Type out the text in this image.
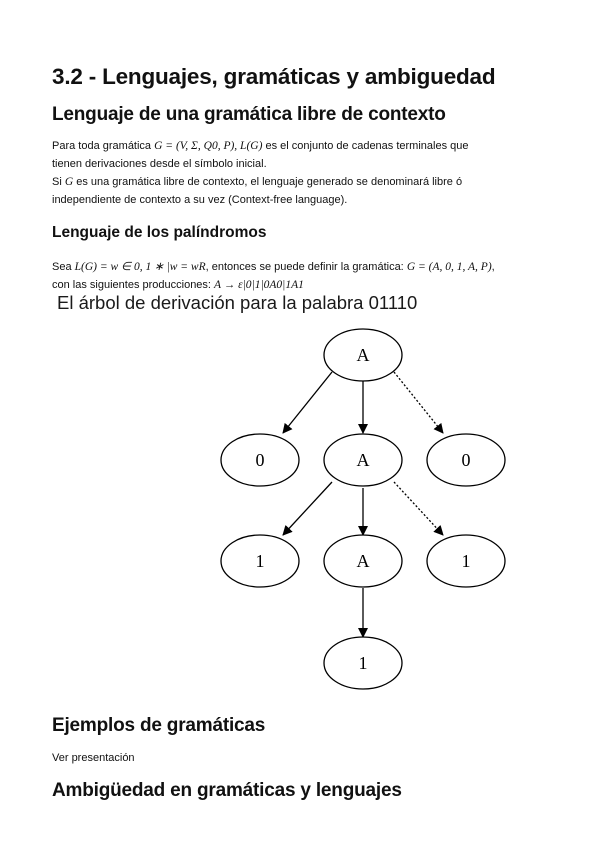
3.2 - Lenguajes, gramáticas y ambiguedad
Lenguaje de una gramática libre de contexto
Para toda gramática G = (V, Σ, Q0, P), L(G) es el conjunto de cadenas terminales que
tienen derivaciones desde el símbolo inicial.
Si G es una gramática libre de contexto, el lenguaje generado se denominará libre ó
independiente de contexto a su vez (Context-free language).
Lenguaje de los palíndromos
Sea L(G) = w ∈ 0, 1 ∗ |w = wR, entonces se puede definir la gramática: G = (A, 0, 1, A, P),
con las siguientes producciones: A → ε|0|1|0A0|1A1
El árbol de derivación para la palabra 01110
A
0	A	0
1	A	1
1
Ejemplos de gramáticas
Ver presentación
Ambigüedad en gramáticas y lenguajes
